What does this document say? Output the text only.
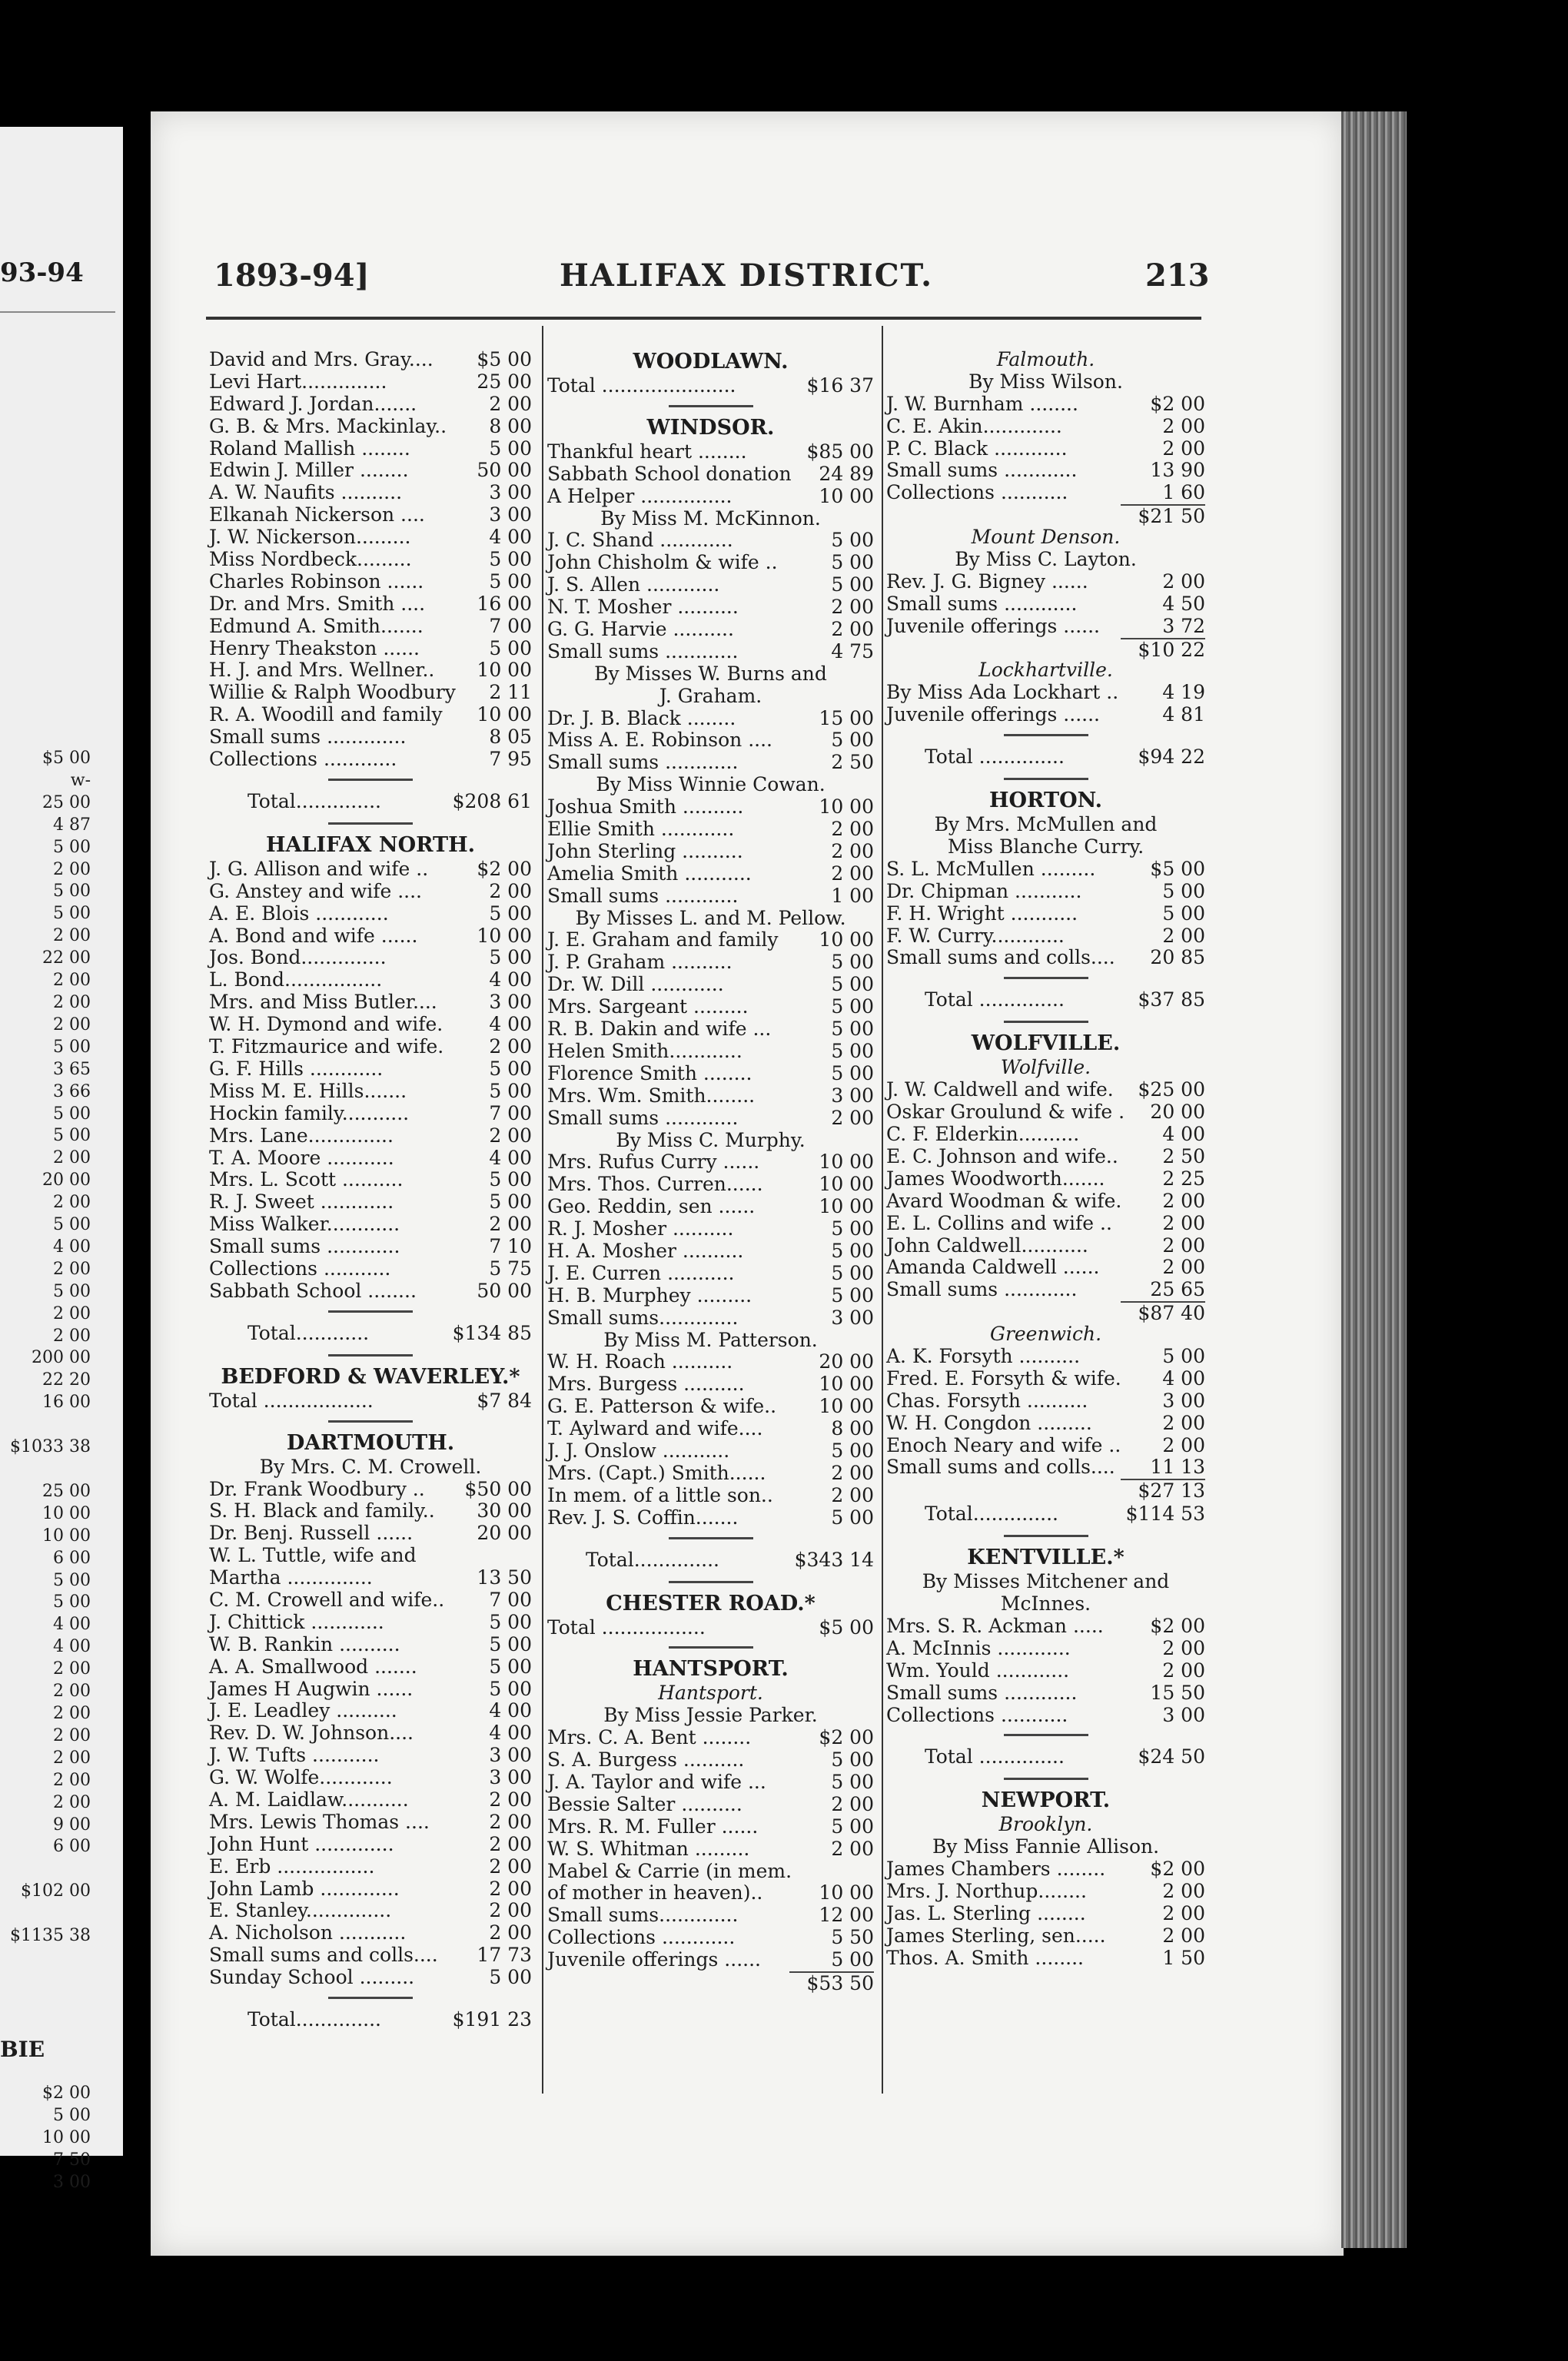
93-94
$5 00
w-
25 00
4 87
5 00
2 00
5 00
5 00
2 00
22 00
2 00
2 00
2 00
5 00
3 65
3 66
5 00
5 00
2 00
20 00
2 00
5 00
4 00
2 00
5 00
2 00
2 00
200 00
22 20
16 00

$1033 38

25 00
10 00
10 00
6 00
5 00
5 00
4 00
4 00
2 00
2 00
2 00
2 00
2 00
2 00
2 00
9 00
6 00

$102 00

$1135 38
BIE
$2 00
5 00
10 00
7 50
3 00
1893-94]	HALIFAX DISTRICT.	213
David and Mrs. Gray....	$5 00
Levi Hart..............	25 00
Edward J. Jordan.......	2 00
G. B. & Mrs. Mackinlay..	8 00
Roland Mallish ........	5 00
Edwin J. Miller ........	50 00
A. W. Naufits ..........	3 00
Elkanah Nickerson ....	3 00
J. W. Nickerson.........	4 00
Miss Nordbeck.........	5 00
Charles Robinson ......	5 00
Dr. and Mrs. Smith ....	16 00
Edmund A. Smith.......	7 00
Henry Theakston ......	5 00
H. J. and Mrs. Wellner..	10 00
Willie & Ralph Woodbury	2 11
R. A. Woodill and family	10 00
Small sums .............	8 05
Collections ............	7 95
Total..............	$208 61
HALIFAX NORTH.
J. G. Allison and wife ..	$2 00
G. Anstey and wife ....	2 00
A. E. Blois ............	5 00
A. Bond and wife ......	10 00
Jos. Bond..............	5 00
L. Bond................	4 00
Mrs. and Miss Butler....	3 00
W. H. Dymond and wife.	4 00
T. Fitzmaurice and wife.	2 00
G. F. Hills ............	5 00
Miss M. E. Hills.......	5 00
Hockin family...........	7 00
Mrs. Lane..............	2 00
T. A. Moore ...........	4 00
Mrs. L. Scott ..........	5 00
R. J. Sweet ............	5 00
Miss Walker............	2 00
Small sums ............	7 10
Collections ...........	5 75
Sabbath School ........	50 00
Total............	$134 85
BEDFORD & WAVERLEY.*
Total ..................	$7 84
DARTMOUTH.
By Mrs. C. M. Crowell.
Dr. Frank Woodbury .. $50 00
S. H. Black and family..	30 00
Dr. Benj. Russell ......	20 00
W. L. Tuttle, wife and
Martha ..............	13 50
C. M. Crowell and wife..	7 00
J. Chittick ............	5 00
W. B. Rankin ..........	5 00
A. A. Smallwood .......	5 00
James H Augwin ......	5 00
J. E. Leadley ..........	4 00
Rev. D. W. Johnson....	4 00
J. W. Tufts ...........	3 00
G. W. Wolfe............	3 00
A. M. Laidlaw...........	2 00
Mrs. Lewis Thomas ....	2 00
John Hunt .............	2 00
E. Erb ................	2 00
John Lamb .............	2 00
E. Stanley..............	2 00
A. Nicholson ...........	2 00
Small sums and colls....	17 73
Sunday School .........	5 00
Total..............	$191 23
WOODLAWN.
Total ......................	$16 37
WINDSOR.
Thankful heart ........	$85 00
Sabbath School donation	24 89
A Helper ...............	10 00
By Miss M. McKinnon.
J. C. Shand ............	5 00
John Chisholm & wife ..	5 00
J. S. Allen ............	5 00
N. T. Mosher ..........	2 00
G. G. Harvie ..........	2 00
Small sums ............	4 75
By Misses W. Burns and
J. Graham.
Dr. J. B. Black ........	15 00
Miss A. E. Robinson ....	5 00
Small sums ............	2 50
By Miss Winnie Cowan.
Joshua Smith ..........	10 00
Ellie Smith ............	2 00
John Sterling ..........	2 00
Amelia Smith ...........	2 00
Small sums ............	1 00
By Misses L. and M. Pellow.
J. E. Graham and family	10 00
J. P. Graham ..........	5 00
Dr. W. Dill ............	5 00
Mrs. Sargeant .........	5 00
R. B. Dakin and wife ...	5 00
Helen Smith............	5 00
Florence Smith ........	5 00
Mrs. Wm. Smith........	3 00
Small sums ............	2 00
By Miss C. Murphy.
Mrs. Rufus Curry ......	10 00
Mrs. Thos. Curren......	10 00
Geo. Reddin, sen ......	10 00
R. J. Mosher ..........	5 00
H. A. Mosher ..........	5 00
J. E. Curren ...........	5 00
H. B. Murphey .........	5 00
Small sums.............	3 00
By Miss M. Patterson.
W. H. Roach ..........	20 00
Mrs. Burgess ..........	10 00
G. E. Patterson & wife..	10 00
T. Aylward and wife....	8 00
J. J. Onslow ...........	5 00
Mrs. (Capt.) Smith......	2 00
In mem. of a little son..	2 00
Rev. J. S. Coffin.......	5 00
Total..............	$343 14
CHESTER ROAD.*
Total .................	$5 00
HANTSPORT.
Hantsport.
By Miss Jessie Parker.
Mrs. C. A. Bent ........	$2 00
S. A. Burgess ..........	5 00
J. A. Taylor and wife ...	5 00
Bessie Salter ..........	2 00
Mrs. R. M. Fuller ......	5 00
W. S. Whitman .........	2 00
Mabel & Carrie (in mem.
of mother in heaven)..	10 00
Small sums.............	12 00
Collections ............	5 50
Juvenile offerings ......	5 00
$53 50
Falmouth.
By Miss Wilson.
J. W. Burnham ........	$2 00
C. E. Akin.............	2 00
P. C. Black ............	2 00
Small sums ............	13 90
Collections ...........	1 60
$21 50
Mount Denson.
By Miss C. Layton.
Rev. J. G. Bigney ......	2 00
Small sums ............	4 50
Juvenile offerings ......	3 72
$10 22
Lockhartville.
By Miss Ada Lockhart ..	4 19
Juvenile offerings ......	4 81
Total ..............	$94 22
HORTON.
By Mrs. McMullen and
Miss Blanche Curry.
S. L. McMullen .........	$5 00
Dr. Chipman ...........	5 00
F. H. Wright ...........	5 00
F. W. Curry............	2 00
Small sums and colls....	20 85
Total ..............	$37 85
WOLFVILLE.
Wolfville.
J. W. Caldwell and wife. $25 00
Oskar Groulund & wife .	20 00
C. F. Elderkin..........	4 00
E. C. Johnson and wife..	2 50
James Woodworth.......	2 25
Avard Woodman & wife.	2 00
E. L. Collins and wife ..	2 00
John Caldwell...........	2 00
Amanda Caldwell ......	2 00
Small sums ............	25 65
$87 40
Greenwich.
A. K. Forsyth ..........	5 00
Fred. E. Forsyth & wife.	4 00
Chas. Forsyth ..........	3 00
W. H. Congdon .........	2 00
Enoch Neary and wife ..	2 00
Small sums and colls....	11 13
$27 13
Total..............	$114 53
KENTVILLE.*
By Misses Mitchener and
McInnes.
Mrs. S. R. Ackman .....	$2 00
A. McInnis ............	2 00
Wm. Yould ............	2 00
Small sums ............	15 50
Collections ...........	3 00
Total ..............	$24 50
NEWPORT.
Brooklyn.
By Miss Fannie Allison.
James Chambers ........	$2 00
Mrs. J. Northup........	2 00
Jas. L. Sterling ........	2 00
James Sterling, sen.....	2 00
Thos. A. Smith ........	1 50
